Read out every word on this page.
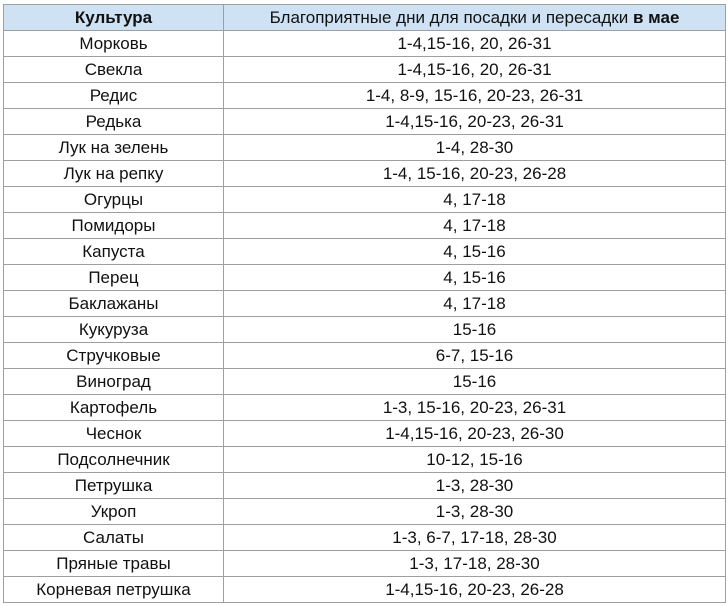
Культура	Благоприятные дни для посадки и пересадки в мае
Морковь	1-4,15-16, 20, 26-31
Свекла	1-4,15-16, 20, 26-31
Редис	1-4, 8-9, 15-16, 20-23, 26-31
Редька	1-4,15-16, 20-23, 26-31
Лук на зелень	1-4, 28-30
Лук на репку	1-4, 15-16, 20-23, 26-28
Огурцы	4, 17-18
Помидоры	4, 17-18
Капуста	4, 15-16
Перец	4, 15-16
Баклажаны	4, 17-18
Кукуруза	15-16
Стручковые	6-7, 15-16
Виноград	15-16
Картофель	1-3, 15-16, 20-23, 26-31
Чеснок	1-4,15-16, 20-23, 26-30
Подсолнечник	10-12, 15-16
Петрушка	1-3, 28-30
Укроп	1-3, 28-30
Салаты	1-3, 6-7, 17-18, 28-30
Пряные травы	1-3, 17-18, 28-30
Корневая петрушка	1-4,15-16, 20-23, 26-28
